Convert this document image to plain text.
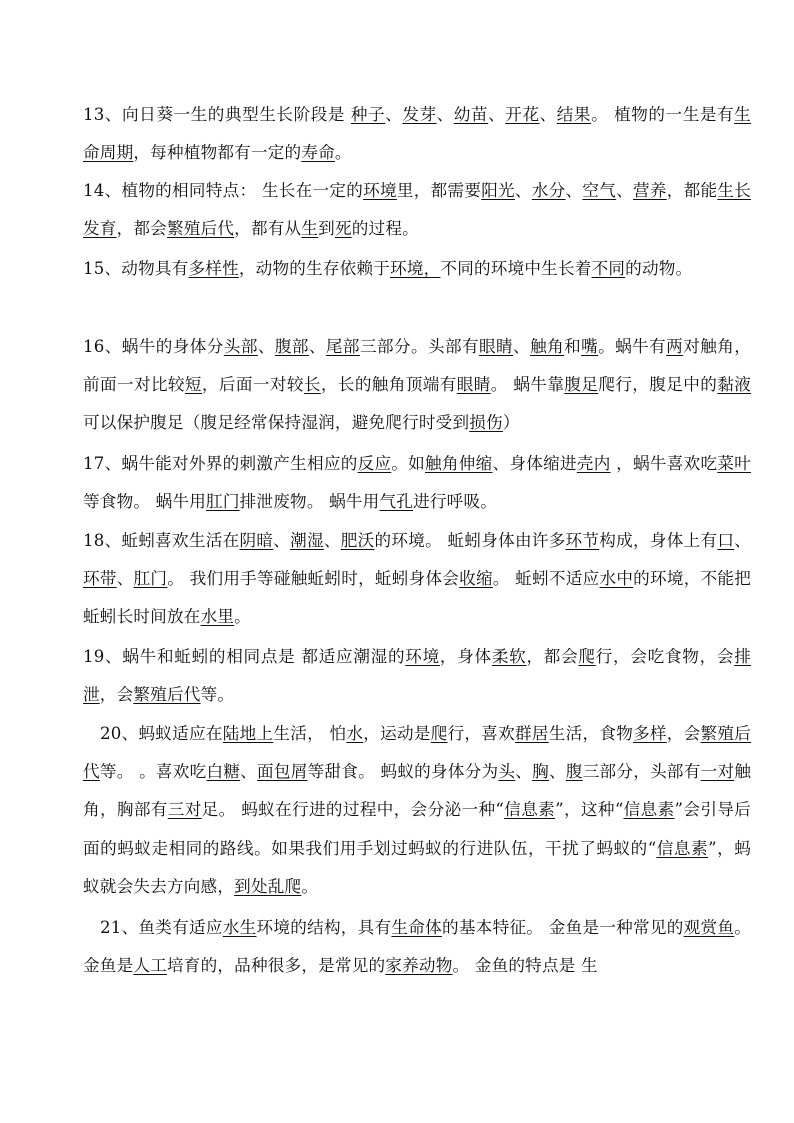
13、向日葵一生的典型生长阶段是 种子、发芽、幼苗、开花、结果。 植物的一生是有生命周期，每种植物都有一定的寿命。
14、植物的相同特点： 生长在一定的环境里，都需要阳光、水分、空气、营养，都能生长发育，都会繁殖后代，都有从生到死的过程。
15、动物具有多样性，动物的生存依赖于环境，不同的环境中生长着不同的动物。
16、蜗牛的身体分头部、腹部、尾部三部分。头部有眼睛、触角和嘴。蜗牛有两对触角，前面一对比较短，后面一对较长，长的触角顶端有眼睛。 蜗牛靠腹足爬行，腹足中的黏液可以保护腹足（腹足经常保持湿润，避免爬行时受到损伤）
17、蜗牛能对外界的刺激产生相应的反应。如触角伸缩、身体缩进壳内 ，蜗牛喜欢吃菜叶等食物。 蜗牛用肛门排泄废物。 蜗牛用气孔进行呼吸。
18、蚯蚓喜欢生活在阴暗、潮湿、肥沃的环境。 蚯蚓身体由许多环节构成，身体上有口、环带、肛门。 我们用手等碰触蚯蚓时，蚯蚓身体会收缩。 蚯蚓不适应水中的环境，不能把蚯蚓长时间放在水里。
19、蜗牛和蚯蚓的相同点是 都适应潮湿的环境，身体柔软，都会爬行，会吃食物，会排泄，会繁殖后代等。
20、蚂蚁适应在陆地上生活， 怕水，运动是爬行，喜欢群居生活，食物多样，会繁殖后代等。 。喜欢吃白糖、面包屑等甜食。 蚂蚁的身体分为头、胸、腹三部分，头部有一对触角，胸部有三对足。 蚂蚁在行进的过程中，会分泌一种“信息素”，这种“信息素”会引导后面的蚂蚁走相同的路线。如果我们用手划过蚂蚁的行进队伍，干扰了蚂蚁的“信息素”，蚂蚁就会失去方向感，到处乱爬。
21、鱼类有适应水生环境的结构，具有生命体的基本特征。 金鱼是一种常见的观赏鱼。金鱼是人工培育的，品种很多，是常见的家养动物。 金鱼的特点是 生
